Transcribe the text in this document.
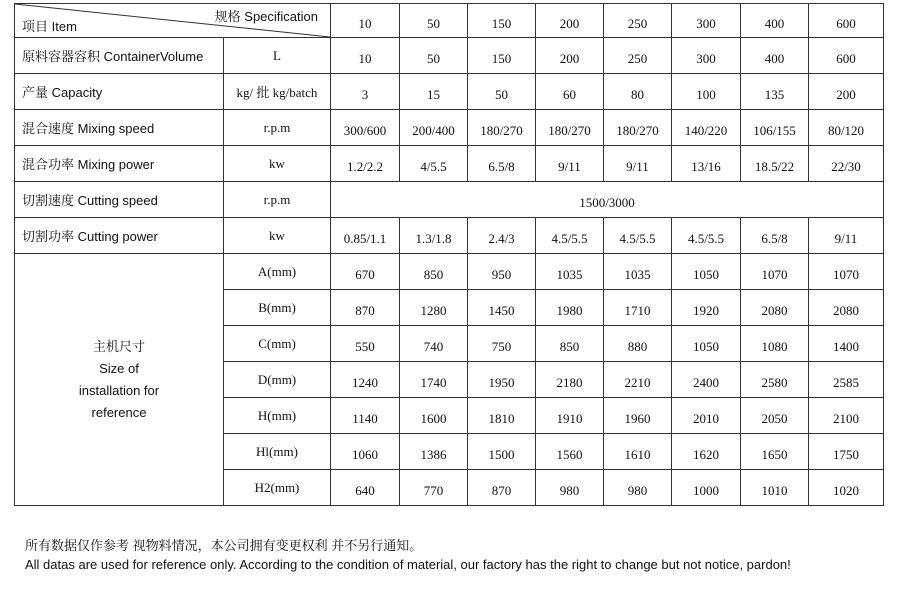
规格 Specification
项目 Item		10	50	150	200	250	300	400	600
原料容器容积 ContainerVolume	L	10	50	150	200	250	300	400	600
产量 Capacity	kg/ 批 kg/batch	3	15	50	60	80	100	135	200
混合速度 Mixing speed	r.p.m	300/600	200/400	180/270	180/270	180/270	140/220	106/155	80/120
混合功率 Mixing power	kw	1.2/2.2	4/5.5	6.5/8	9/11	9/11	13/16	18.5/22	22/30
切割速度 Cutting speed	r.p.m	1500/3000							
切割功率 Cutting power	kw	0.85/1.1	1.3/1.8	2.4/3	4.5/5.5	4.5/5.5	4.5/5.5	6.5/8	9/11

主机尺寸
Size of
installation for
reference	A(mm)	670	850	950	1035	1035	1050	1070	1070
	B(mm)	870	1280	1450	1980	1710	1920	2080	2080
	C(mm)	550	740	750	850	880	1050	1080	1400
	D(mm)	1240	1740	1950	2180	2210	2400	2580	2585
	H(mm)	1140	1600	1810	1910	1960	2010	2050	2100
	Hl(mm)	1060	1386	1500	1560	1610	1620	1650	1750
	H2(mm)	640	770	870	980	980	1000	1010	1020
所有数据仅作参考 视物料情况，本公司拥有变更权利 并不另行通知。
All datas are used for reference only. According to the condition of material, our factory has the right to change but not notice, pardon!
